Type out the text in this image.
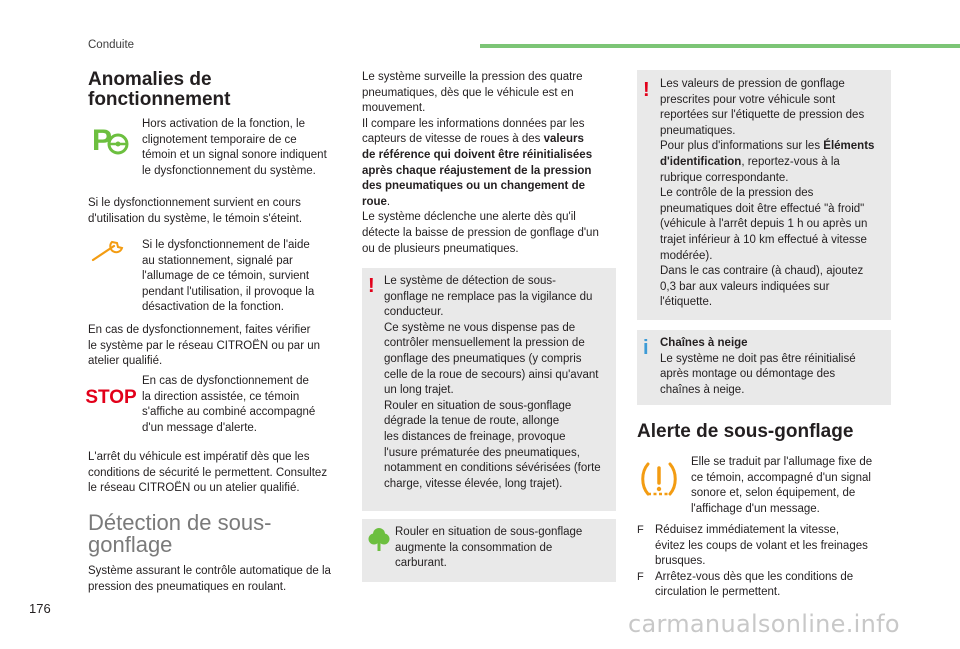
Conduite
Anomalies de
fonctionnement
P	Hors activation de la fonction, le

clignotement temporaire de ce

témoin et un signal sonore indiquent

le dysfonctionnement du système.

Si le dysfonctionnement survient en cours

d'utilisation du système, le témoin s'éteint.

Si le dysfonctionnement de l'aide

au stationnement, signalé par

l'allumage de ce témoin, survient

pendant l'utilisation, il provoque la

désactivation de la fonction.

En cas de dysfonctionnement, faites vérifier

le système par le réseau CITROËN ou par un

atelier qualifié.

STOP

En cas de dysfonctionnement de

la direction assistée, ce témoin

s'affiche au combiné accompagné

d'un message d'alerte.

L'arrêt du véhicule est impératif dès que les

conditions de sécurité le permettent. Consultez

le réseau CITROËN ou un atelier qualifié.

Détection de sous-
gonflage

Système assurant le contrôle automatique de la

pression des pneumatiques en roulant.

Le système surveille la pression des quatre

pneumatiques, dès que le véhicule est en

mouvement.

Il compare les informations données par les

capteurs de vitesse de roues à des valeurs

de référence qui doivent être réinitialisées

après chaque réajustement de la pression

des pneumatiques ou un changement de

roue.

Le système déclenche une alerte dès qu'il

détecte la baisse de pression de gonflage d'un

ou de plusieurs pneumatiques.

! Le système de détection de sous-

gonflage ne remplace pas la vigilance du

conducteur.

Ce système ne vous dispense pas de

contrôler mensuellement la pression de

gonflage des pneumatiques (y compris

celle de la roue de secours) ainsi qu'avant

un long trajet.

Rouler en situation de sous-gonflage

dégrade la tenue de route, allonge

les distances de freinage, provoque

l'usure prématurée des pneumatiques,

notamment en conditions sévérisées (forte

charge, vitesse élevée, long trajet).

Rouler en situation de sous-gonflage

augmente la consommation de

carburant.

! Les valeurs de pression de gonflage

prescrites pour votre véhicule sont

reportées sur l'étiquette de pression des

pneumatiques.

Pour plus d'informations sur les Éléments

d'identification, reportez-vous à la

rubrique correspondante.

Le contrôle de la pression des

pneumatiques doit être effectué "à froid"

(véhicule à l'arrêt depuis 1 h ou après un

trajet inférieur à 10 km effectué à vitesse

modérée).

Dans le cas contraire (à chaud), ajoutez

0,3 bar aux valeurs indiquées sur

l'étiquette.

i Chaînes à neige

Le système ne doit pas être réinitialisé

après montage ou démontage des

chaînes à neige.

Alerte de sous-gonflage

Elle se traduit par l'allumage fixe de

ce témoin, accompagné d'un signal

sonore et, selon équipement, de

l'affichage d'un message.

F Réduisez immédiatement la vitesse,

évitez les coups de volant et les freinages

brusques.

F Arrêtez-vous dès que les conditions de

circulation le permettent.

176
carmanualsonline.info
